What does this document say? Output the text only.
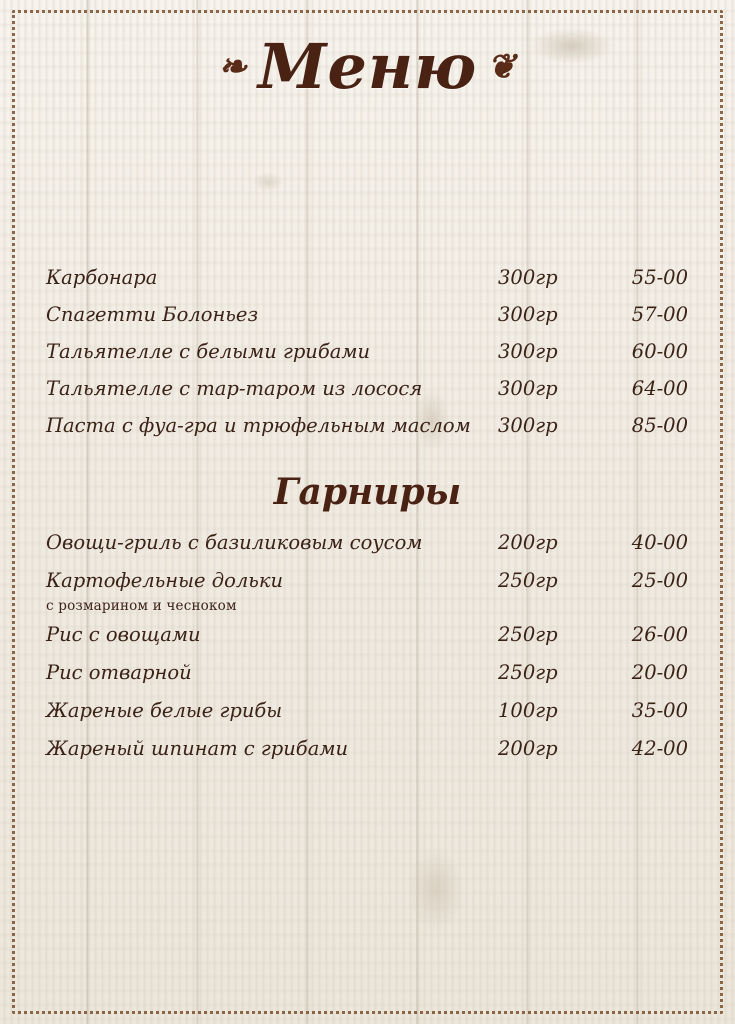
❧ Меню ❦
Карбонара	300гр	55-00
Спагетти Болоньез	300гр	57-00
Тальятелле с белыми грибами	300гр	60-00
Тальятелле с тар-таром из лосося	300гр	64-00
Паста с фуа-гра и трюфельным маслом	300гр	85-00
Гарниры
Овощи-гриль с базиликовым соусом	200гр	40-00
Картофельные дольки	250гр	25-00
с розмарином и чесноком
Рис с овощами	250гр	26-00
Рис отварной	250гр	20-00
Жареные белые грибы	100гр	35-00
Жареный шпинат с грибами	200гр	42-00
